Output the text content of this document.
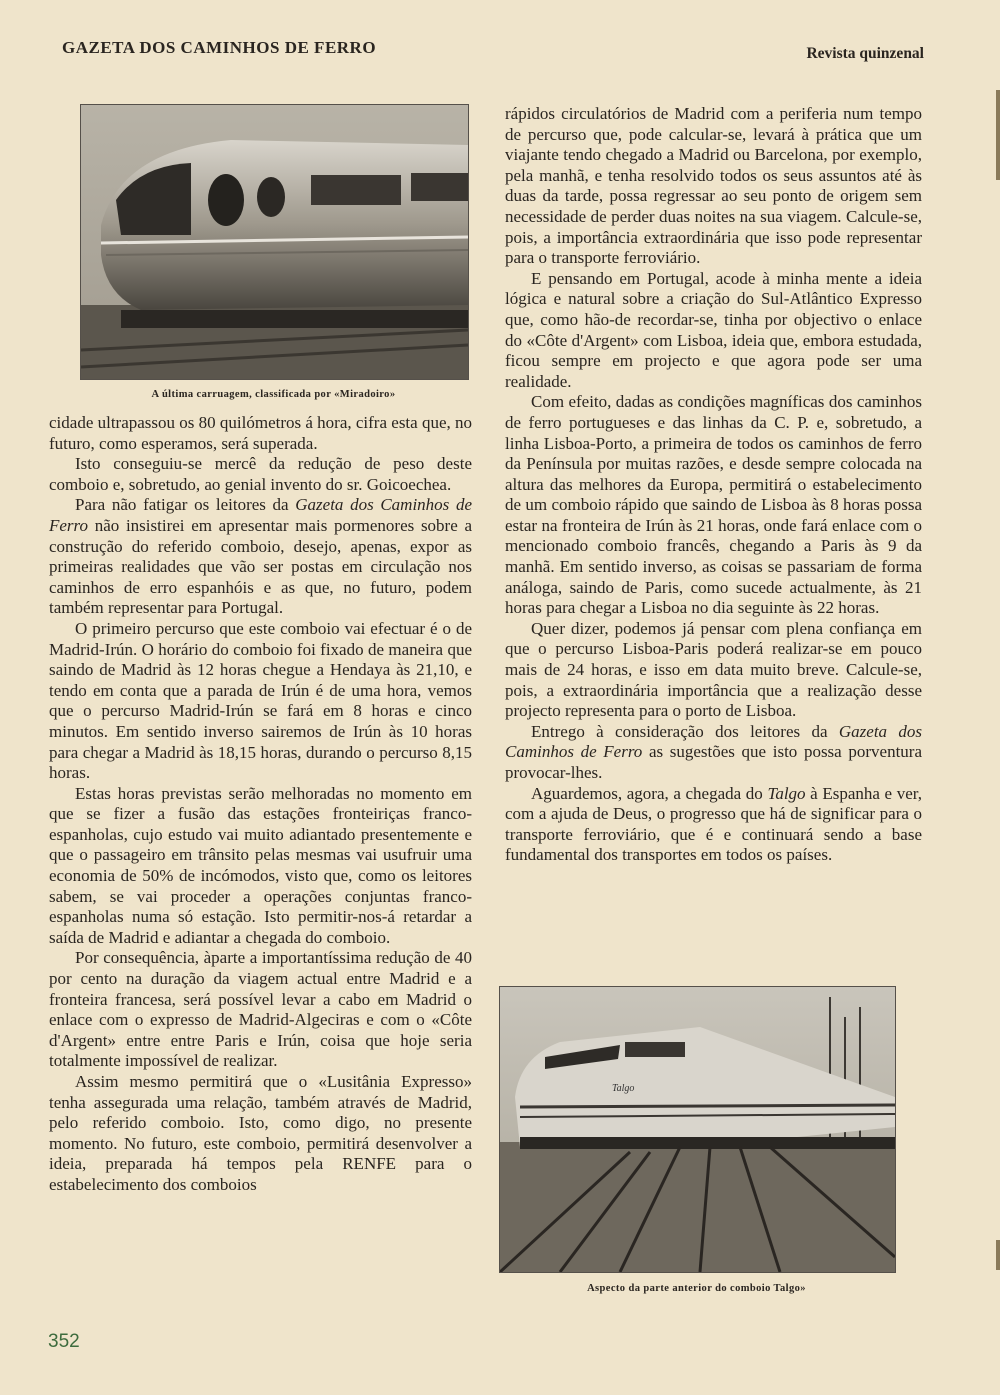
GAZETA DOS CAMINHOS DE FERRO	Revista quinzenal
A última carruagem, classificada por «Miradoiro»

cidade ultrapassou os 80 quilómetros á hora, cifra esta que, no futuro, como esperamos, será superada.

Isto conseguiu-se mercê da redução de peso deste comboio e, sobretudo, ao genial invento do sr. Goicoechea.

Para não fatigar os leitores da Gazeta dos Caminhos de Ferro não insistirei em apresentar mais pormenores sobre a construção do referido comboio, desejo, apenas, expor as primeiras realidades que vão ser postas em circulação nos caminhos de erro espanhóis e as que, no futuro, podem também representar para Portugal.

O primeiro percurso que este comboio vai efectuar é o de Madrid-Irún. O horário do comboio foi fixado de maneira que saindo de Madrid às 12 horas chegue a Hendaya às 21,10, e tendo em conta que a parada de Irún é de uma hora, vemos que o percurso Madrid-Irún se fará em 8 horas e cinco minutos. Em sentido inverso sairemos de Irún às 10 horas para chegar a Madrid às 18,15 horas, durando o percurso 8,15 horas.

Estas horas previstas serão melhoradas no momento em que se fizer a fusão das estações fronteiriças franco-espanholas, cujo estudo vai muito adiantado presentemente e que o passageiro em trânsito pelas mesmas vai usufruir uma economia de 50% de incómodos, visto que, como os leitores sabem, se vai proceder a operações conjuntas franco-espanholas numa só estação. Isto permitir-nos-á retardar a saída de Madrid e adiantar a chegada do comboio.

Por consequência, àparte a importantíssima redução de 40 por cento na duração da viagem actual entre Madrid e a fronteira francesa, será possível levar a cabo em Madrid o enlace com o expresso de Madrid-Algeciras e com o «Côte d'Argent» entre entre Paris e Irún, coisa que hoje seria totalmente impossível de realizar.

Assim mesmo permitirá que o «Lusitânia Expresso» tenha assegurada uma relação, também através de Madrid, pelo referido comboio. Isto, como digo, no presente momento. No futuro, este comboio, permitirá desenvolver a ideia, preparada há tempos pela RENFE para o estabelecimento dos comboios

rápidos circulatórios de Madrid com a periferia num tempo de percurso que, pode calcular-se, levará à prática que um viajante tendo chegado a Madrid ou Barcelona, por exemplo, pela manhã, e tenha resolvido todos os seus assuntos até às duas da tarde, possa regressar ao seu ponto de origem sem necessidade de perder duas noites na sua viagem. Calcule-se, pois, a importância extraordinária que isso pode representar para o transporte ferroviário.

E pensando em Portugal, acode à minha mente a ideia lógica e natural sobre a criação do Sul-Atlântico Expresso que, como hão-de recordar-se, tinha por objectivo o enlace do «Côte d'Argent» com Lisboa, ideia que, embora estudada, ficou sempre em projecto e que agora pode ser uma realidade.

Com efeito, dadas as condições magníficas dos caminhos de ferro portugueses e das linhas da C. P. e, sobretudo, a linha Lisboa-Porto, a primeira de todos os caminhos de ferro da Península por muitas razões, e desde sempre colocada na altura das melhores da Europa, permitirá o estabelecimento de um comboio rápido que saindo de Lisboa às 8 horas possa estar na fronteira de Irún às 21 horas, onde fará enlace com o mencionado comboio francês, chegando a Paris às 9 da manhã. Em sentido inverso, as coisas se passariam de forma análoga, saindo de Paris, como sucede actualmente, às 21 horas para chegar a Lisboa no dia seguinte às 22 horas.

Quer dizer, podemos já pensar com plena confiança em que o percurso Lisboa-Paris poderá realizar-se em pouco mais de 24 horas, e isso em data muito breve. Calcule-se, pois, a extraordinária importância que a realização desse projecto representa para o porto de Lisboa.

Entrego à consideração dos leitores da Gazeta dos Caminhos de Ferro as sugestões que isto possa porventura provocar-lhes.

Aguardemos, agora, a chegada do Talgo à Espanha e ver, com a ajuda de Deus, o progresso que há de significar para o transporte ferroviário, que é e continuará sendo a base fundamental dos transportes em todos os países.

Talgo
Aspecto da parte anterior do comboio Talgo»
352
